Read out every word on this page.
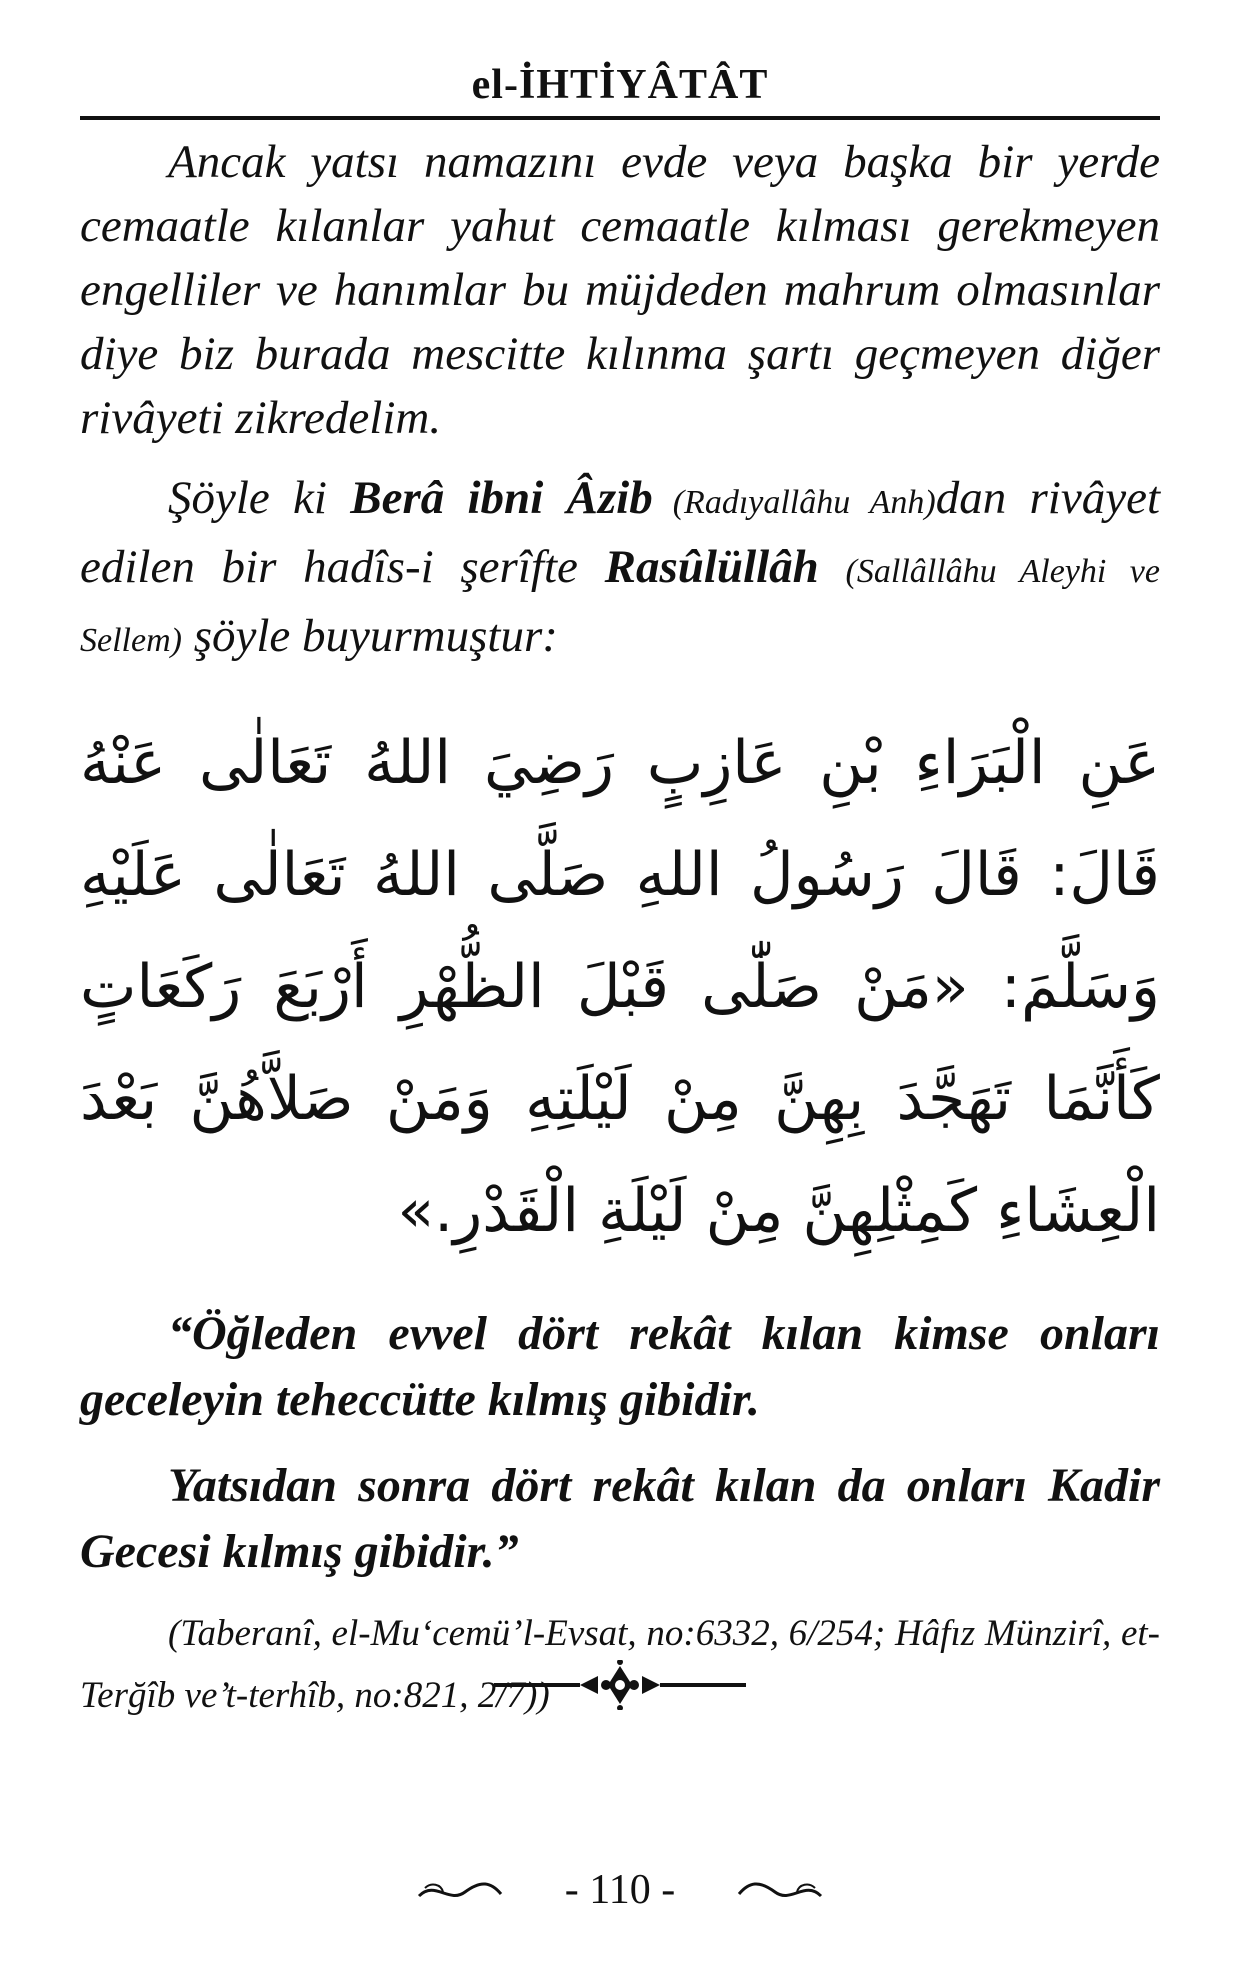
el-İHTİYÂTÂT

Ancak yatsı namazını evde veya başka bir yerde cemaatle kılanlar yahut cemaatle kılması gerekmeyen engelliler ve hanımlar bu müjdeden mahrum olmasınlar diye biz burada mescitte kılınma şartı geçmeyen diğer rivâyeti zikredelim.

Şöyle ki Berâ ibni Âzib (Radıyallâhu Anh)dan rivâyet edilen bir hadîs-i şerîfte Rasûlüllâh (Sallâllâhu Aleyhi ve Sellem) şöyle buyurmuştur:

عَنِ الْبَرَاءِ بْنِ عَازِبٍ رَضِيَ اللهُ تَعَالٰى عَنْهُ قَالَ: قَالَ رَسُولُ اللهِ صَلَّى اللهُ تَعَالٰى عَلَيْهِ وَسَلَّمَ: «مَنْ صَلّٰى قَبْلَ الظُّهْرِ أَرْبَعَ رَكَعَاتٍ كَأَنَّمَا تَهَجَّدَ بِهِنَّ مِنْ لَيْلَتِهِ وَمَنْ صَلاَّهُنَّ بَعْدَ الْعِشَاءِ كَمِثْلِهِنَّ مِنْ لَيْلَةِ الْقَدْرِ.»

“Öğleden evvel dört rekât kılan kimse onları geceleyin teheccütte kılmış gibidir.

Yatsıdan sonra dört rekât kılan da onları Kadir Gecesi kılmış gibidir.”

(Taberanî, el-Mu‘cemü’l-Evsat, no:6332, 6/254; Hâfız Münzirî, et-Terğîb ve’t-terhîb, no:821, 2/7))

- 110 -
